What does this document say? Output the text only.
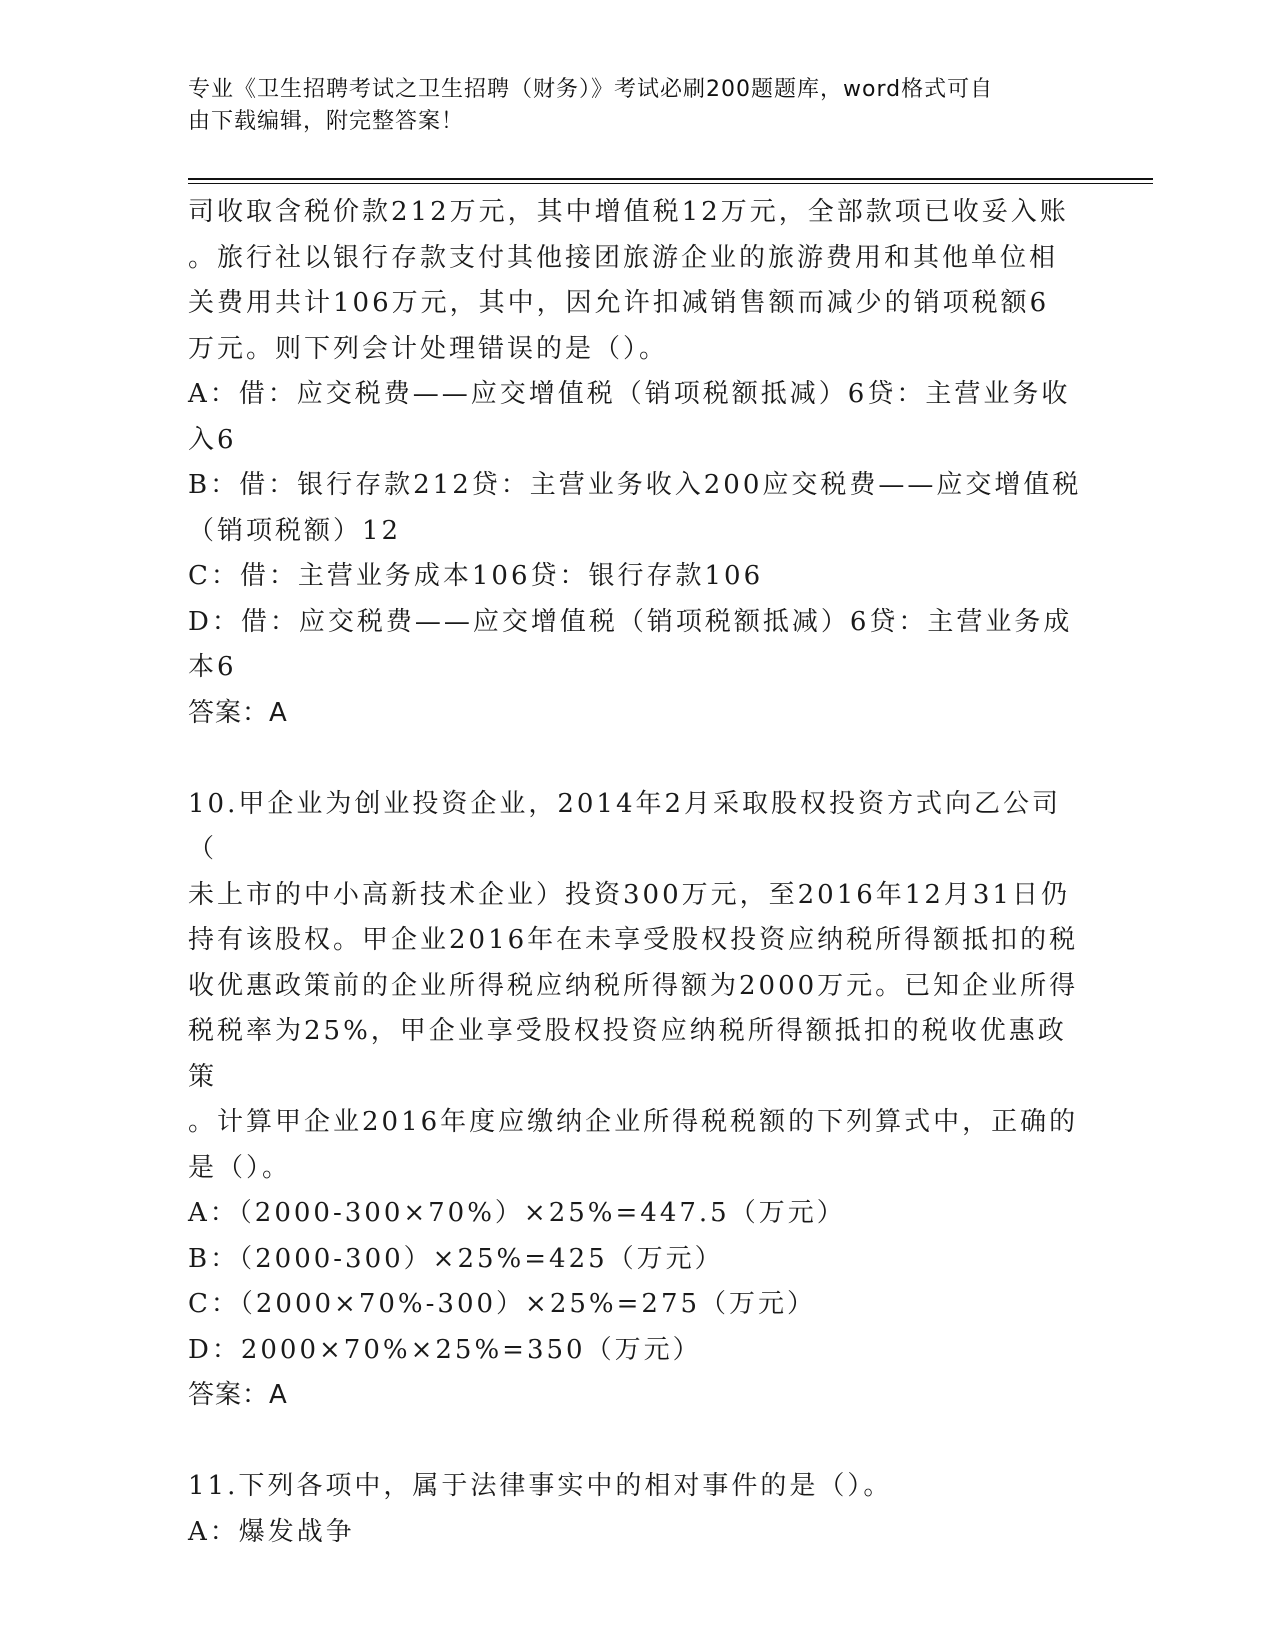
专业《卫生招聘考试之卫生招聘（财务）》考试必刷200题题库，word格式可自
由下载编辑，附完整答案！

司收取含税价款212万元，其中增值税12万元，全部款项已收妥入账

。旅行社以银行存款支付其他接团旅游企业的旅游费用和其他单位相

关费用共计106万元，其中，因允许扣减销售额而减少的销项税额6

万元。则下列会计处理错误的是（）。

A：借：应交税费——应交增值税（销项税额抵减）6贷：主营业务收

入6

B：借：银行存款212贷：主营业务收入200应交税费——应交增值税

（销项税额）12

C：借：主营业务成本106贷：银行存款106

D：借：应交税费——应交增值税（销项税额抵减）6贷：主营业务成

本6

答案：A

10.甲企业为创业投资企业，2014年2月采取股权投资方式向乙公司（

未上市的中小高新技术企业）投资300万元，至2016年12月31日仍

持有该股权。甲企业2016年在未享受股权投资应纳税所得额抵扣的税

收优惠政策前的企业所得税应纳税所得额为2000万元。已知企业所得

税税率为25%，甲企业享受股权投资应纳税所得额抵扣的税收优惠政策

。计算甲企业2016年度应缴纳企业所得税税额的下列算式中，正确的

是（）。

A：（2000-300×70%）×25%=447.5（万元）

B：（2000-300）×25%=425（万元）

C：（2000×70%-300）×25%=275（万元）

D：2000×70%×25%=350（万元）

答案：A

11.下列各项中，属于法律事实中的相对事件的是（）。

A：爆发战争
